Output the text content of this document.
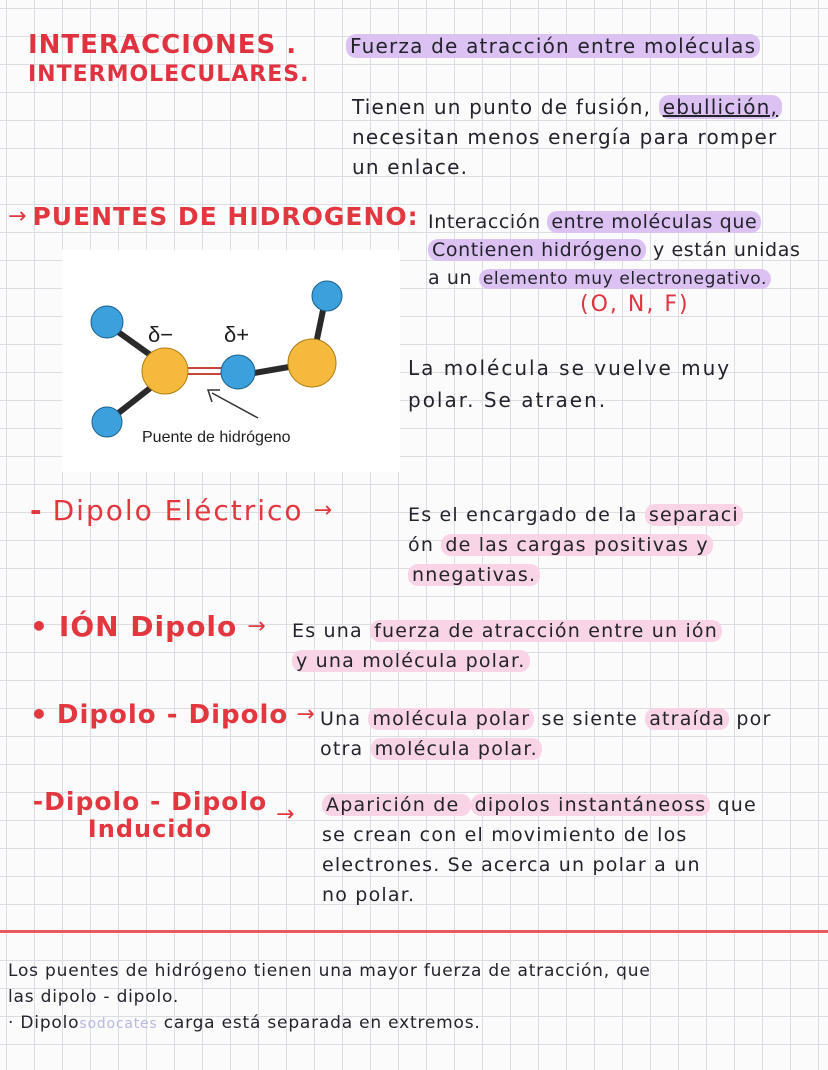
INTERACCIONES .
INTERMOLECULARES.
Fuerza de atracción entre moléculas
Tienen un punto de fusión, ebullición,
necesitan menos energía para romper
un enlace.
→ PUENTES DE HIDROGENO: Interacción entre moléculas que
Contienen hidrógeno y están unidas
a un elemento muy electronegativo.
(O, N, F)
La molécula se vuelve muy
polar. Se atraen.
δ− δ+
Puente de hidrógeno
- Dipolo Eléctrico →	Es el encargado de la separaci
ón de las cargas positivas y
nnegativas.
• IÓN Dipolo → Es una fuerza de atracción entre un ión
y una molécula polar.
• Dipolo - Dipolo → Una molécula polar se siente atraída por
otra molécula polar.
-Dipolo - Dipolo
Inducido
→ Aparición de dipolos instantáneoss que
se crean con el movimiento de los
electrones. Se acerca un polar a un
no polar.
Los puentes de hidrógeno tienen una mayor fuerza de atracción, que
las dipolo - dipolo.
· Dipolosodocates carga está separada en extremos.
